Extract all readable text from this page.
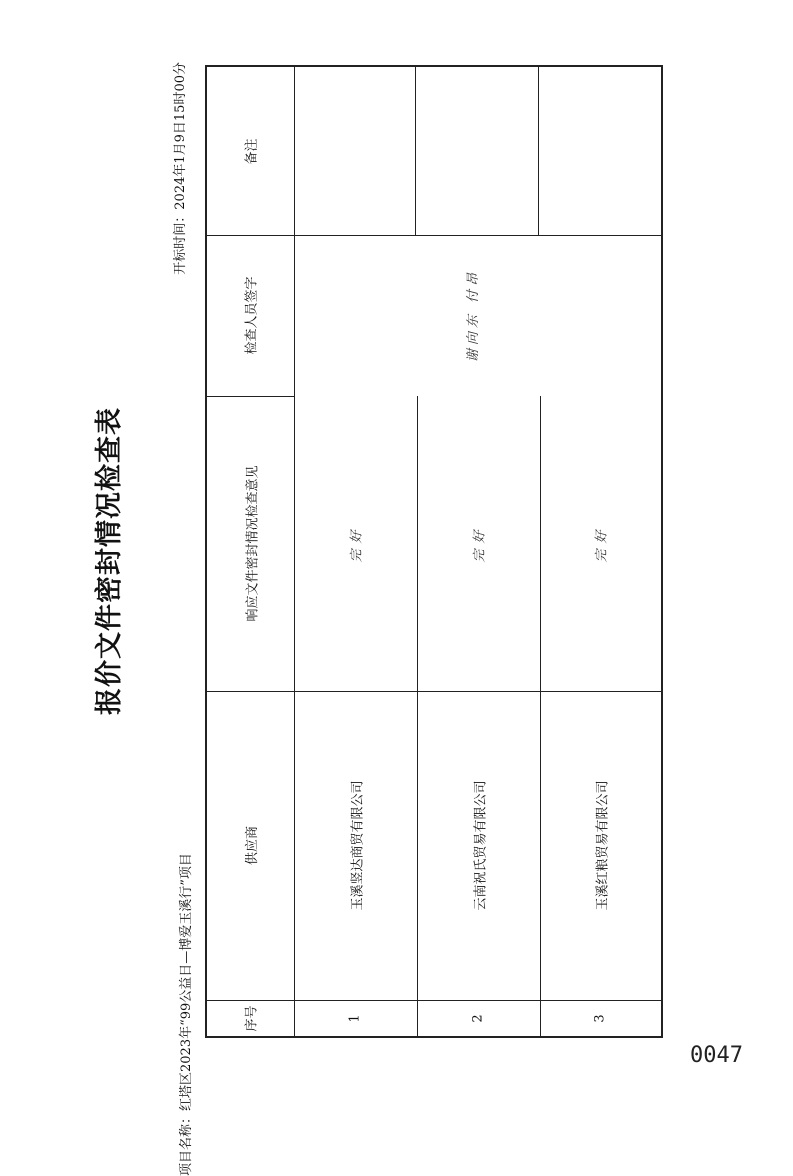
报价文件密封情况检查表
项目名称：红塔区2023年“99公益日—博爱玉溪行”项目
开标时间：2024年1月9日15时00分	备注
检查人员签字
响应文件密封情况检查意见
供应商
序号
谢向东 付昂
完好
玉溪竖达商贸有限公司
1
完好
云南祝氏贸易有限公司
2
完好
玉溪红粮贸易有限公司
3
0047
